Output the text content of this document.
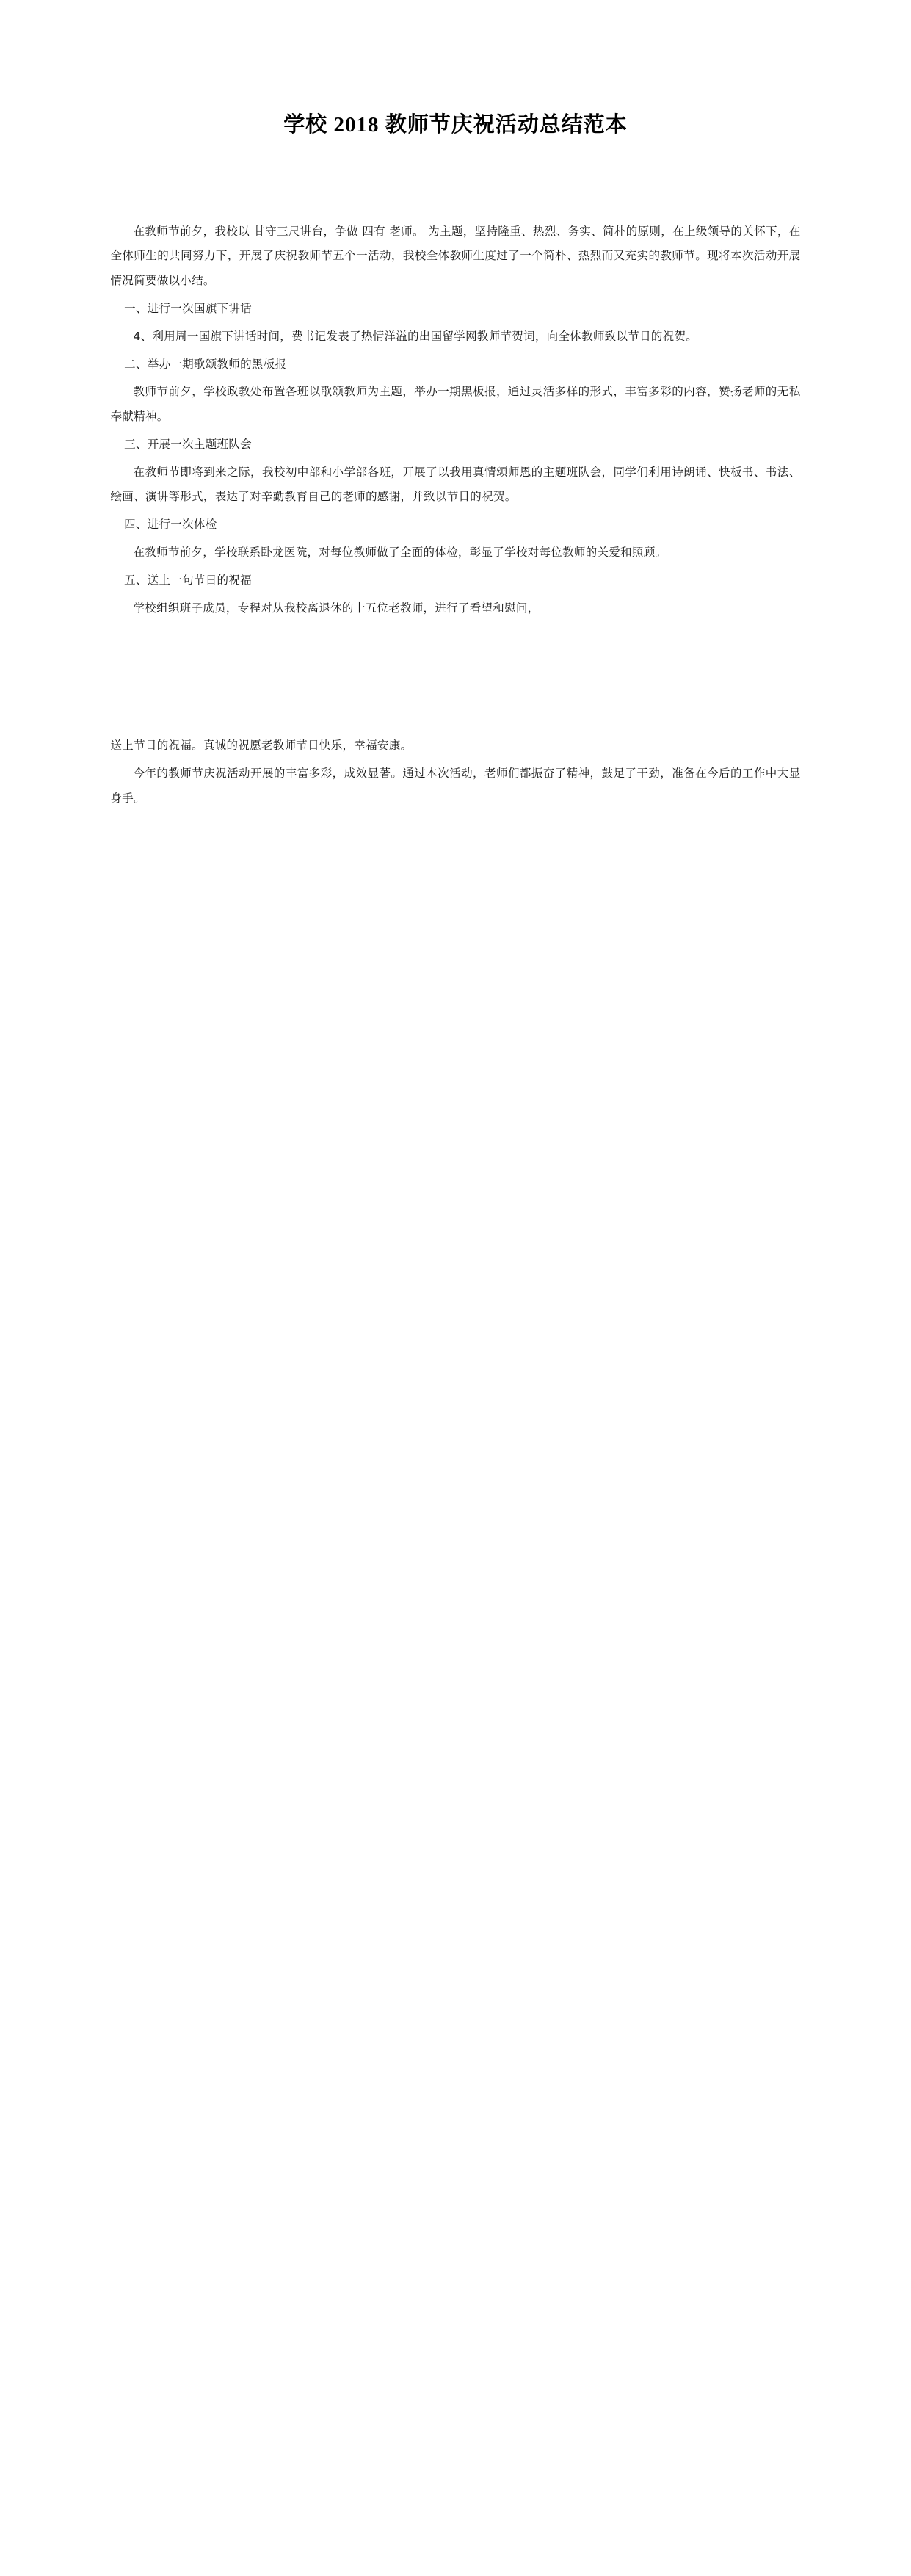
学校 2018 教师节庆祝活动总结范本

在教师节前夕，我校以 甘守三尺讲台，争做 四有 老师。 为主题，坚持隆重、热烈、务实、简朴的原则，在上级领导的关怀下，在全体师生的共同努力下，开展了庆祝教师节五个一活动，我校全体教师生度过了一个简朴、热烈而又充实的教师节。现将本次活动开展情况简要做以小结。

一、进行一次国旗下讲话

4、利用周一国旗下讲话时间，费书记发表了热情洋溢的出国留学网教师节贺词，向全体教师致以节日的祝贺。

二、举办一期歌颂教师的黑板报

教师节前夕，学校政教处布置各班以歌颂教师为主题，举办一期黑板报，通过灵活多样的形式，丰富多彩的内容，赞扬老师的无私奉献精神。

三、开展一次主题班队会

在教师节即将到来之际，我校初中部和小学部各班，开展了以我用真情颂师恩的主题班队会，同学们利用诗朗诵、快板书、书法、绘画、演讲等形式，表达了对辛勤教育自己的老师的感谢，并致以节日的祝贺。

四、进行一次体检

在教师节前夕，学校联系卧龙医院，对每位教师做了全面的体检，彰显了学校对每位教师的关爱和照顾。

五、送上一句节日的祝福

学校组织班子成员，专程对从我校离退休的十五位老教师，进行了看望和慰问，

送上节日的祝福。真诚的祝愿老教师节日快乐，幸福安康。

今年的教师节庆祝活动开展的丰富多彩，成效显著。通过本次活动，老师们都振奋了精神，鼓足了干劲，准备在今后的工作中大显身手。
